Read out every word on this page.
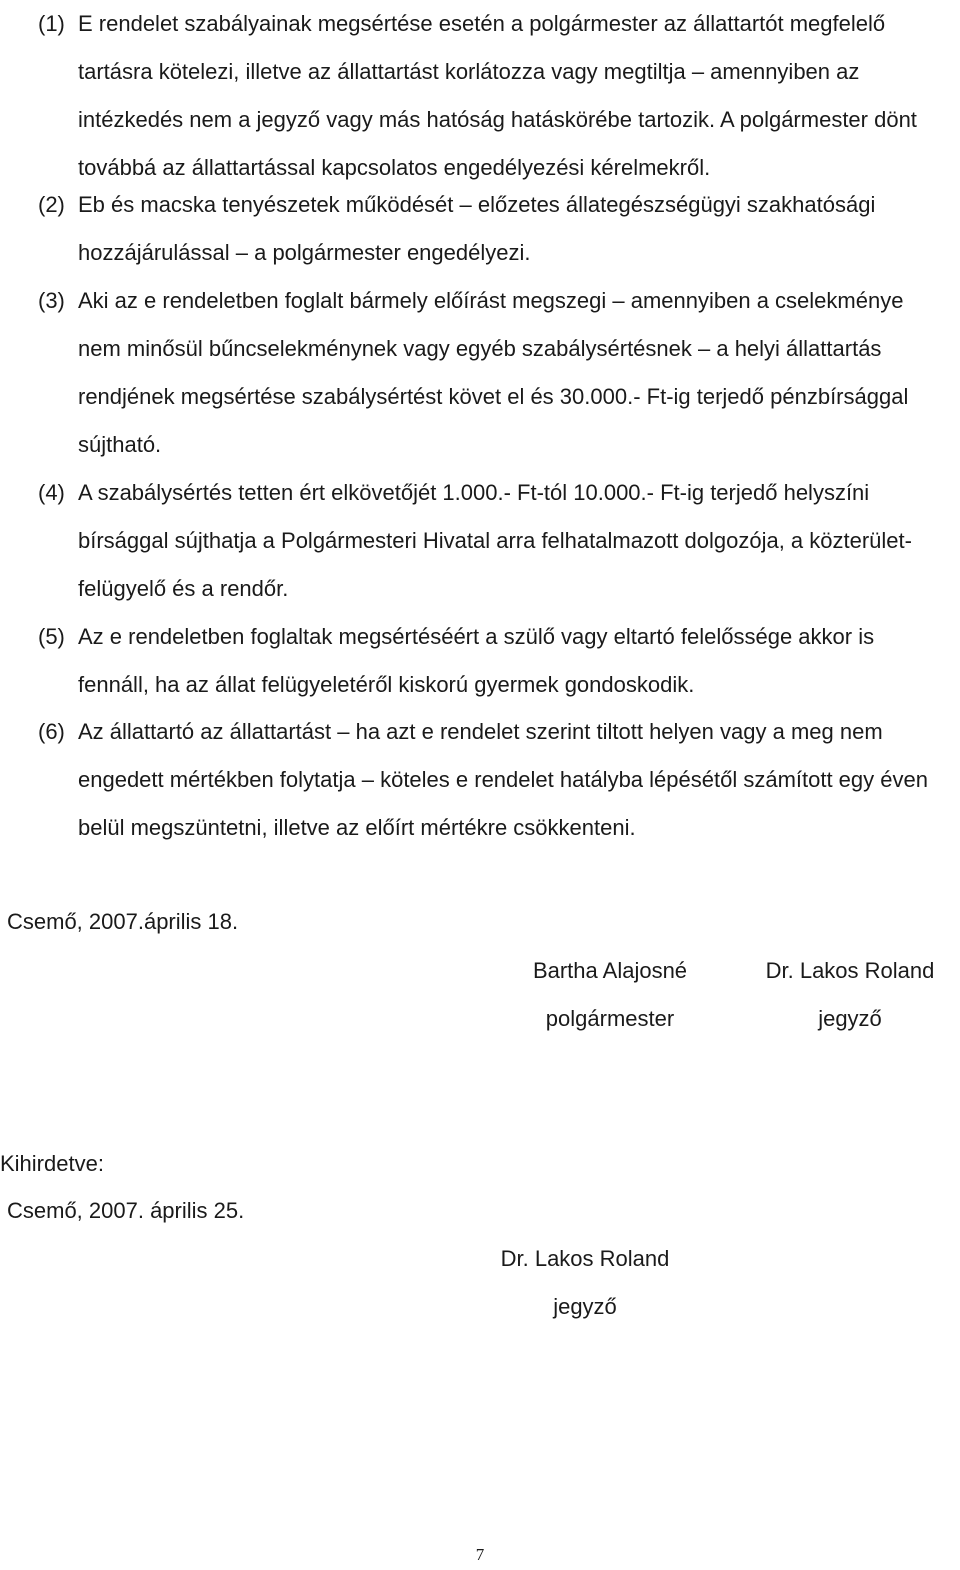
(1) E rendelet szabályainak megsértése esetén a polgármester az állattartót megfelelő tartásra kötelezi, illetve az állattartást korlátozza vagy megtiltja – amennyiben az intézkedés nem a jegyző vagy más hatóság hatáskörébe tartozik. A polgármester dönt továbbá az állattartással kapcsolatos engedélyezési kérelmekről.
(2) Eb és macska tenyészetek működését – előzetes állategészségügyi szakhatósági hozzájárulással – a polgármester engedélyezi.
(3) Aki az e rendeletben foglalt bármely előírást megszegi – amennyiben a cselekménye nem minősül bűncselekménynek vagy egyéb szabálysértésnek – a helyi állattartás rendjének megsértése szabálysértést követ el és 30.000.- Ft-ig terjedő pénzbírsággal sújtható.
(4) A szabálysértés tetten ért elkövetőjét 1.000.- Ft-tól 10.000.- Ft-ig terjedő helyszíni bírsággal sújthatja a Polgármesteri Hivatal arra felhatalmazott dolgozója, a közterület-felügyelő és a rendőr.
(5) Az e rendeletben foglaltak megsértéséért a szülő vagy eltartó felelőssége akkor is fennáll, ha az állat felügyeletéről kiskorú gyermek gondoskodik.
(6) Az állattartó az állattartást – ha azt e rendelet szerint tiltott helyen vagy a meg nem engedett mértékben folytatja – köteles e rendelet hatályba lépésétől számított egy éven belül megszüntetni, illetve az előírt mértékre csökkenteni.
Csemő, 2007.április 18.
Bartha Alajosné
polgármester
Dr. Lakos Roland
jegyző
Kihirdetve:
Csemő, 2007. április 25.
Dr. Lakos Roland
jegyző
7
